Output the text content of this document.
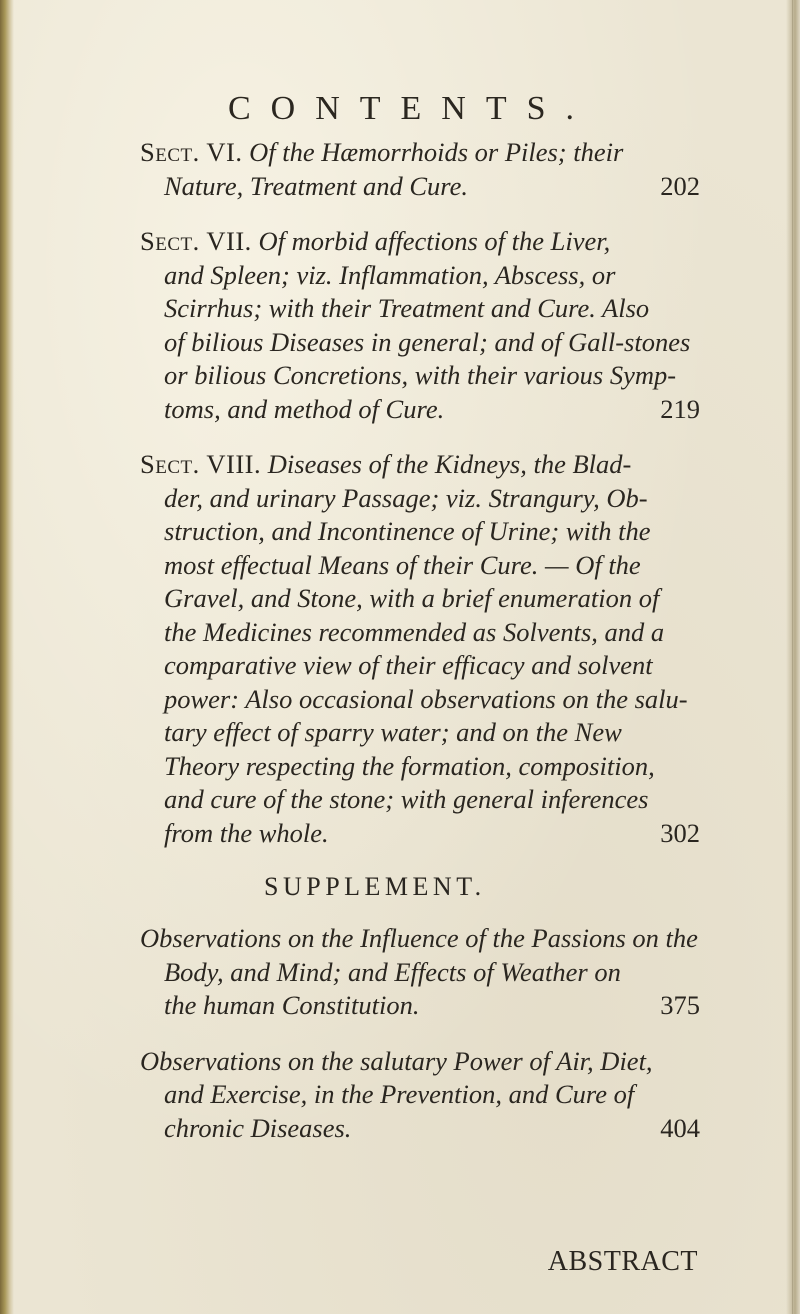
CONTENTS.
Sect. VI. Of the Hæmorrhoids or Piles; their
Nature, Treatment and Cure.	202
Sect. VII. Of morbid affections of the Liver,
and Spleen; viz. Inflammation, Abscess, or
Scirrhus; with their Treatment and Cure. Also
of bilious Diseases in general; and of Gall-stones
or bilious Concretions, with their various Symp-
toms, and method of Cure.	219
Sect. VIII. Diseases of the Kidneys, the Blad-
der, and urinary Passage; viz. Strangury, Ob-
struction, and Incontinence of Urine; with the
most effectual Means of their Cure. — Of the
Gravel, and Stone, with a brief enumeration of
the Medicines recommended as Solvents, and a
comparative view of their efficacy and solvent
power: Also occasional observations on the salu-
tary effect of sparry water; and on the New
Theory respecting the formation, composition,
and cure of the stone; with general inferences
from the whole.	302
SUPPLEMENT.
Observations on the Influence of the Passions on the
Body, and Mind; and Effects of Weather on
the human Constitution.	375
Observations on the salutary Power of Air, Diet,
and Exercise, in the Prevention, and Cure of
chronic Diseases.	404
ABSTRACT
